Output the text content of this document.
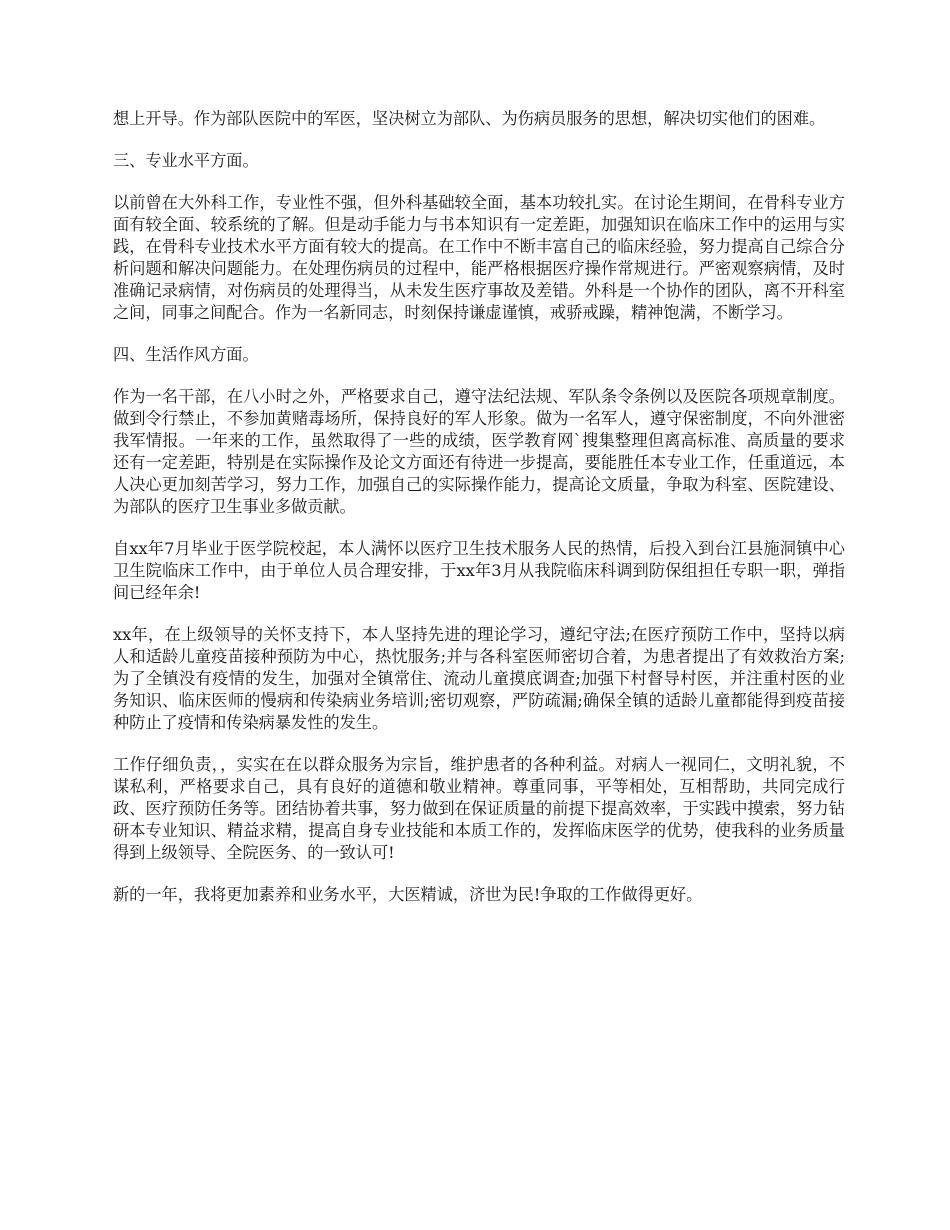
想上开导。作为部队医院中的军医，坚决树立为部队、为伤病员服务的思想，解决切实他们的困难。

三、专业水平方面。

以前曾在大外科工作，专业性不强，但外科基础较全面，基本功较扎实。在讨论生期间，在骨科专业方面有较全面、较系统的了解。但是动手能力与书本知识有一定差距，加强知识在临床工作中的运用与实践，在骨科专业技术水平方面有较大的提高。在工作中不断丰富自己的临床经验，努力提高自己综合分析问题和解决问题能力。在处理伤病员的过程中，能严格根据医疗操作常规进行。严密观察病情，及时准确记录病情，对伤病员的处理得当，从未发生医疗事故及差错。外科是一个协作的团队，离不开科室之间，同事之间配合。作为一名新同志，时刻保持谦虚谨慎，戒骄戒躁，精神饱满，不断学习。

四、生活作风方面。

作为一名干部，在八小时之外，严格要求自己，遵守法纪法规、军队条令条例以及医院各项规章制度。做到令行禁止，不参加黄赌毒场所，保持良好的军人形象。做为一名军人，遵守保密制度，不向外泄密我军情报。一年来的工作，虽然取得了一些的成绩，医学教育网`搜集整理但离高标准、高质量的要求还有一定差距，特别是在实际操作及论文方面还有待进一步提高，要能胜任本专业工作，任重道远，本人决心更加刻苦学习，努力工作，加强自己的实际操作能力，提高论文质量，争取为科室、医院建设、为部队的医疗卫生事业多做贡献。

自xx年7月毕业于医学院校起，本人满怀以医疗卫生技术服务人民的热情，后投入到台江县施洞镇中心卫生院临床工作中，由于单位人员合理安排，于xx年3月从我院临床科调到防保组担任专职一职，弹指间已经年余!

xx年，在上级领导的关怀支持下，本人坚持先进的理论学习，遵纪守法;在医疗预防工作中，坚持以病人和适龄儿童疫苗接种预防为中心，热忱服务;并与各科室医师密切合着，为患者提出了有效救治方案;为了全镇没有疫情的发生，加强对全镇常住、流动儿童摸底调查;加强下村督导村医，并注重村医的业务知识、临床医师的慢病和传染病业务培训;密切观察，严防疏漏;确保全镇的适龄儿童都能得到疫苗接种防止了疫情和传染病暴发性的发生。

工作仔细负责，，实实在在以群众服务为宗旨，维护患者的各种利益。对病人一视同仁，文明礼貌，不谋私利，严格要求自己，具有良好的道德和敬业精神。尊重同事，平等相处，互相帮助，共同完成行政、医疗预防任务等。团结协着共事，努力做到在保证质量的前提下提高效率，于实践中摸索，努力钻研本专业知识、精益求精，提高自身专业技能和本质工作的，发挥临床医学的优势，使我科的业务质量得到上级领导、全院医务、的一致认可!

新的一年，我将更加素养和业务水平，大医精诚，济世为民!争取的工作做得更好。
